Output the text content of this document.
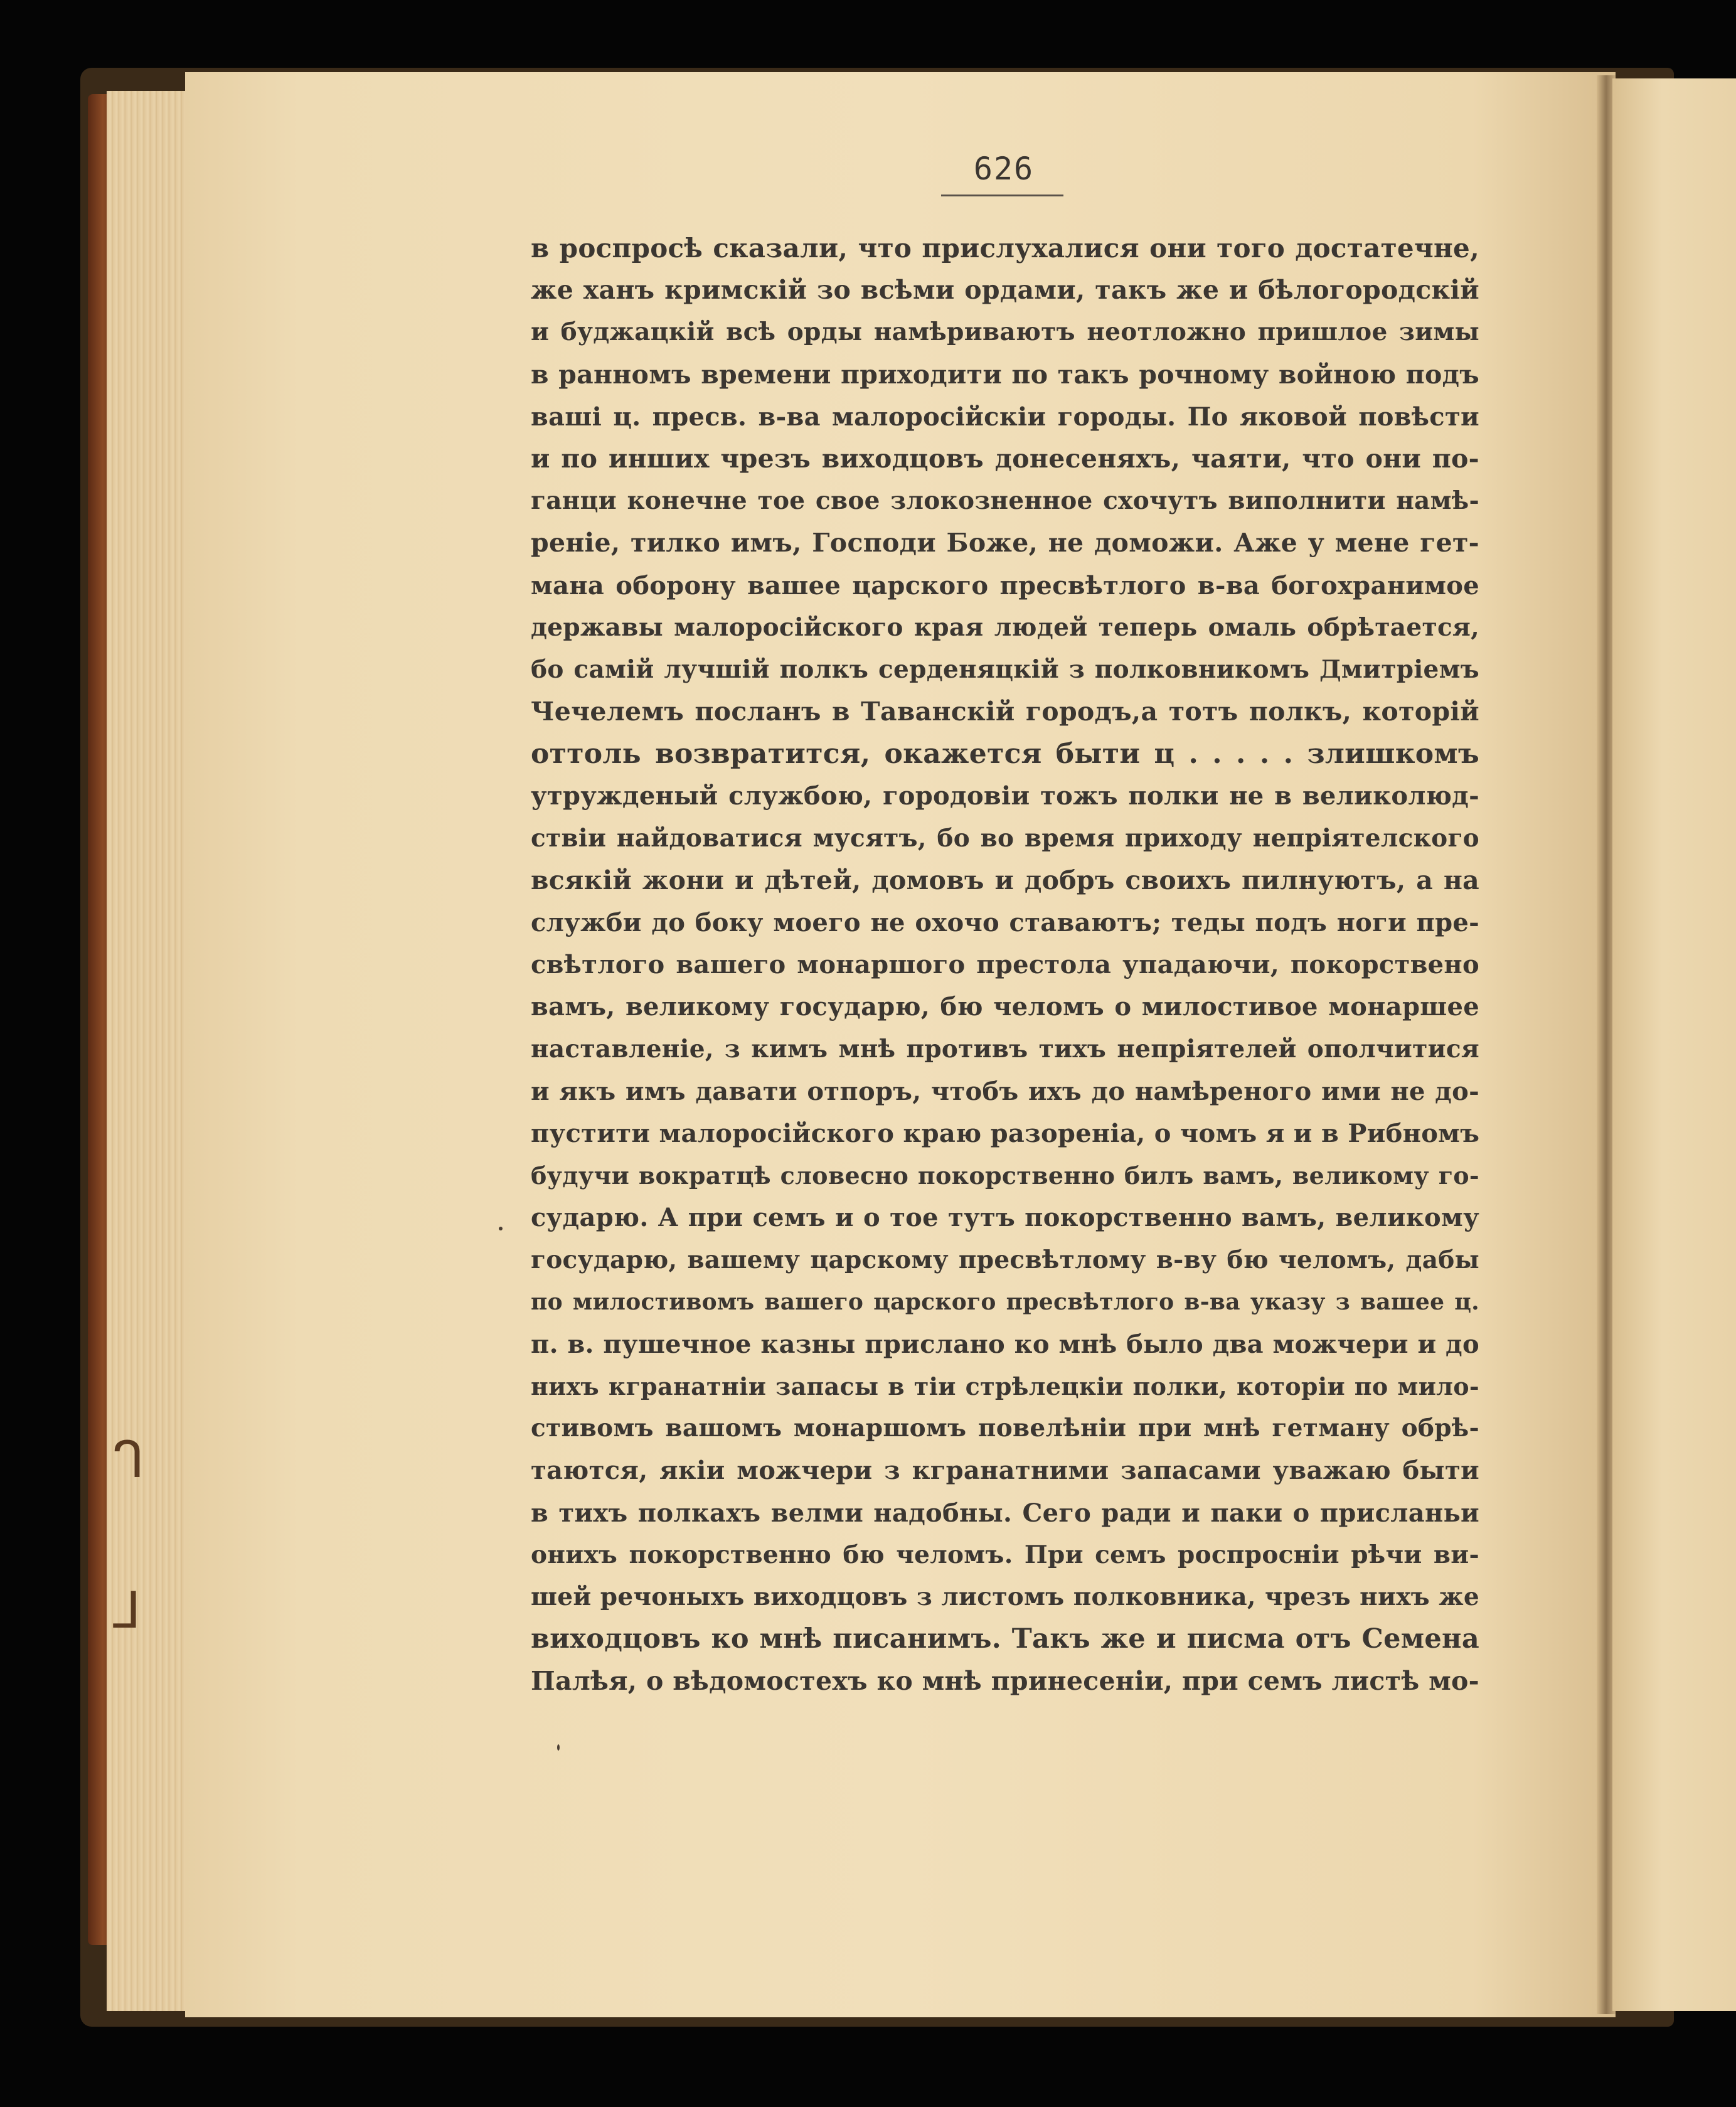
ᒉ
⅃
626
в роспросѣ сказали, что прислухалися они того достатечне,
же ханъ кримскій зо всѣми ордами, такъ же и бѣлогородскій
и буджацкій всѣ орды намѣриваютъ неотложно пришлое зимы
в ранномъ времени приходити по такъ рочному войною подъ
вашi ц. пресв. в-ва малоросійскіи городы. По яковой повѣсти
и по инших чрезъ виходцовъ донесеняхъ, чаяти, что они по-
ганци конечне тое свое злокозненное схочутъ виполнити намѣ-
реніе, тилко имъ, Господи Боже, не доможи. Аже у мене гет-
мана оборону вашее царского пресвѣтлого в-ва богохранимое
державы малоросійского края людей теперь омаль обрѣтается,
бо самій лучшій полкъ серденяцкій з полковникомъ Дмитріемъ
Чечелемъ посланъ в Таванскій городъ,а тотъ полкъ, которій
оттоль возвратится, окажется быти ц . . . . . злишкомъ
утружденый службою, городовіи тожъ полки не в великолюд-
ствіи найдоватися мусятъ, бо во время приходу непріятелского
всякій жони и дѣтей, домовъ и добръ своихъ пилнуютъ, а на
служби до боку моего не охочо ставаютъ; теды подъ ноги пре-
свѣтлого вашего монаршого престола упадаючи, покорствено
вамъ, великому государю, бю челомъ о милостивое монаршее
наставленіе, з кимъ мнѣ противъ тихъ непріятелей ополчитися
и якъ имъ давати отпоръ, чтобъ ихъ до намѣреного ими не до-
пустити малоросійского краю разореніа, о чомъ я и в Рибномъ
будучи вократцѣ словесно покорственно билъ вамъ, великому го-
сударю. А при семъ и о тое тутъ покорственно вамъ, великому
государю, вашему царскому пресвѣтлому в-ву бю челомъ, дабы
по милостивомъ вашего царского пресвѣтлого в-ва указу з вашее ц.
п. в. пушечное казны прислано ко мнѣ было два можчери и до
нихъ кгранатніи запасы в тіи стрѣлецкіи полки, которіи по мило-
стивомъ вашомъ монаршомъ повелѣніи при мнѣ гетману обрѣ-
таются, якіи можчери з кгранатними запасами уважаю быти
в тихъ полкахъ велми надобны. Сего ради и паки о присланьи
онихъ покорственно бю челомъ. При семъ роспросніи рѣчи ви-
шей речоныхъ виходцовъ з листомъ полковника, чрезъ нихъ же
виходцовъ ко мнѣ писанимъ. Такъ же и писма отъ Семена
Палѣя, о вѣдомостехъ ко мнѣ принесеніи, при семъ листѣ мо-
